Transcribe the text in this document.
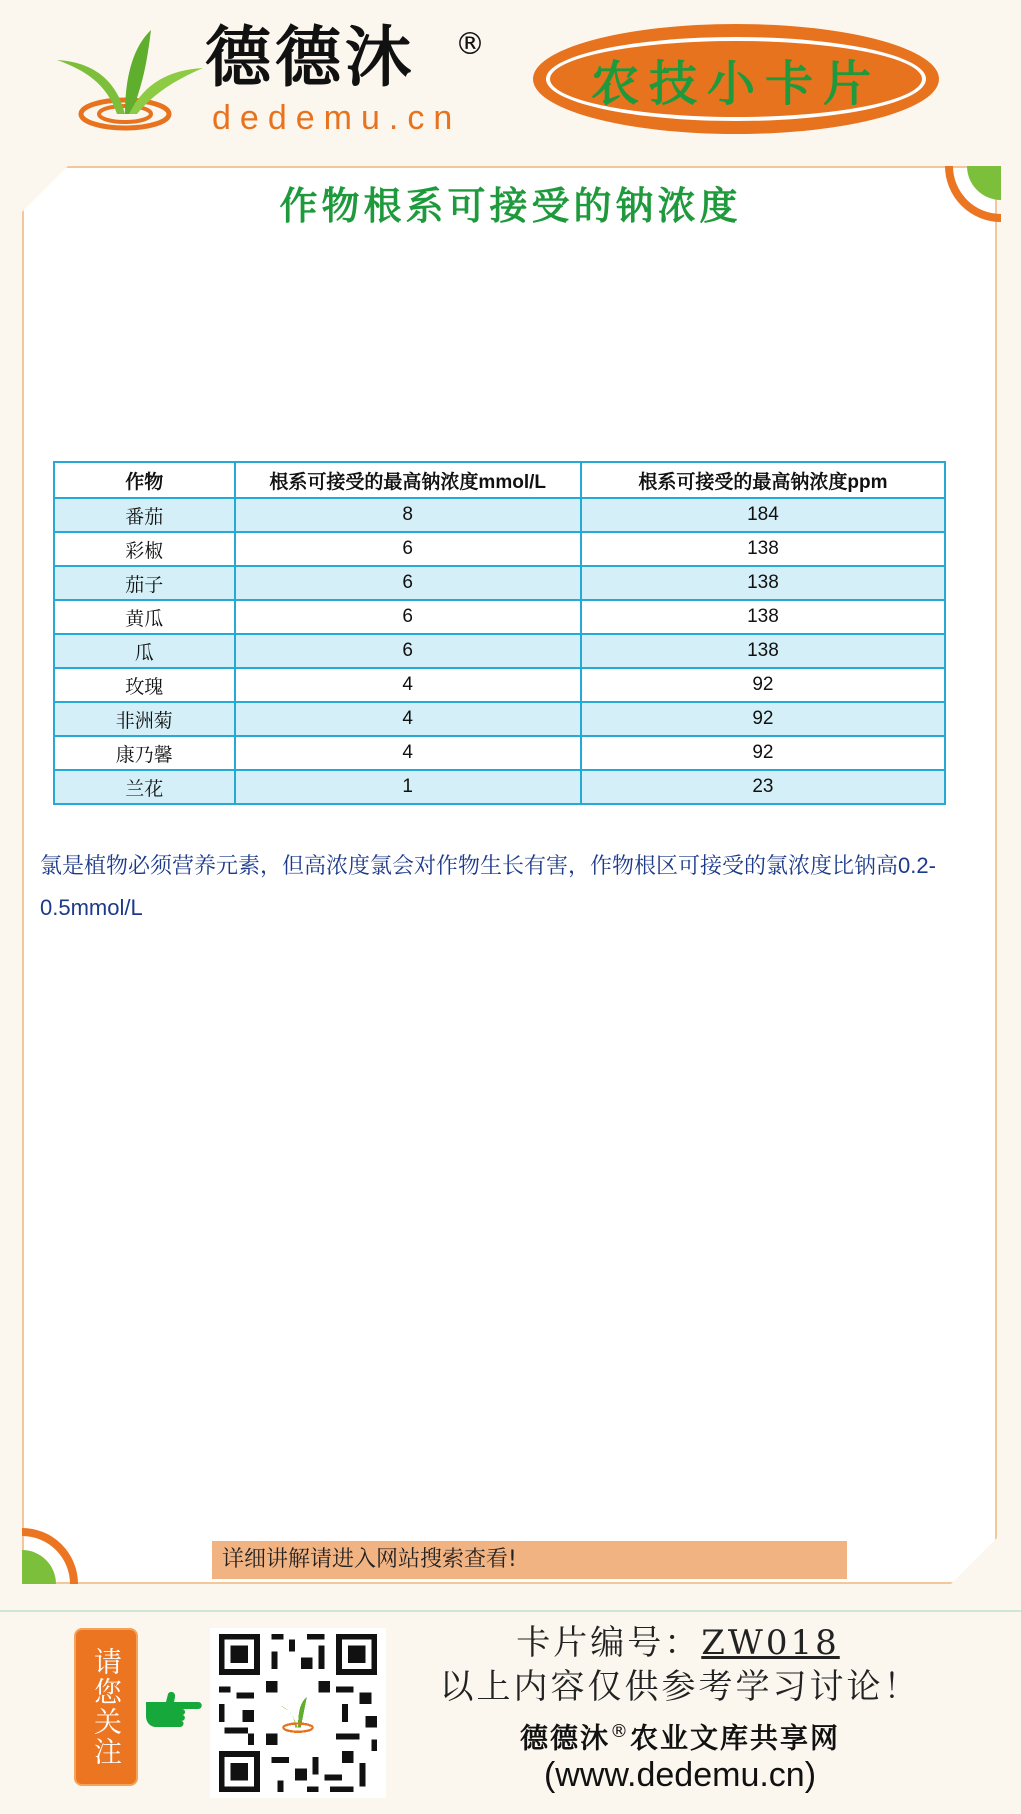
德德沐 ®
dedemu.cn
农技小卡片
作物根系可接受的钠浓度
作物	根系可接受的最高钠浓度mmol/L	根系可接受的最高钠浓度ppm
番茄	8	184
彩椒	6	138
茄子	6	138
黄瓜	6	138
瓜	6	138
玫瑰	4	92
非洲菊	4	92
康乃馨	4	92
兰花	1	23
氯是植物必须营养元素，但高浓度氯会对作物生长有害，作物根区可接受的氯浓度比钠高0.2-0.5mmol/L
详细讲解请进入网站搜索查看!
请您关注
卡片编号：ZW018
以上内容仅供参考学习讨论！
德德沐®农业文库共享网
(www.dedemu.cn)
